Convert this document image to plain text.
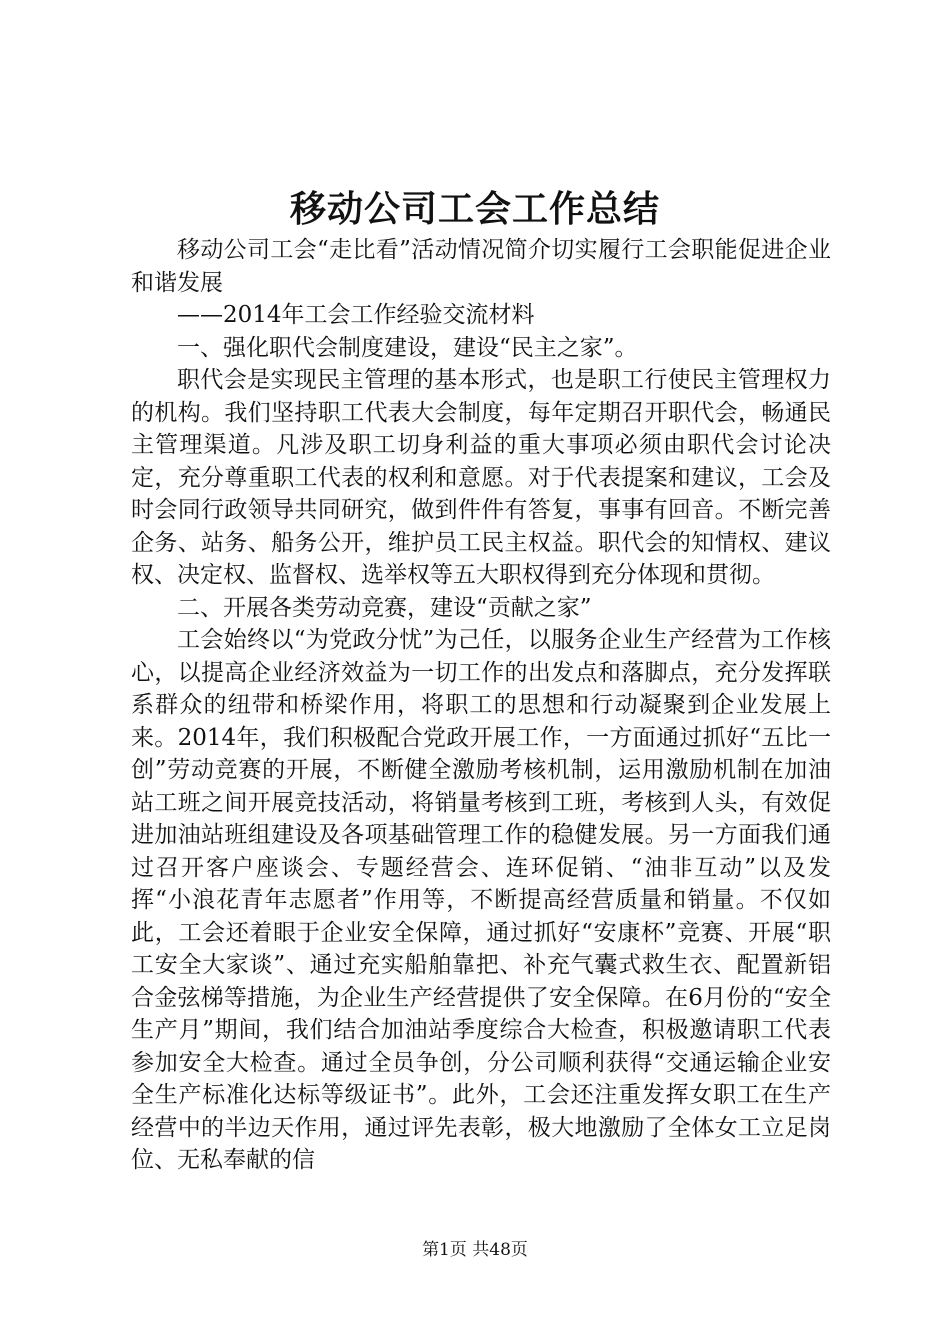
移动公司工会工作总结

移动公司工会“走比看”活动情况简介切实履行工会职能促进企业和谐发展

——2014年工会工作经验交流材料

一、强化职代会制度建设，建设“民主之家”。

职代会是实现民主管理的基本形式，也是职工行使民主管理权力的机构。我们坚持职工代表大会制度，每年定期召开职代会，畅通民主管理渠道。凡涉及职工切身利益的重大事项必须由职代会讨论决定，充分尊重职工代表的权利和意愿。对于代表提案和建议，工会及时会同行政领导共同研究，做到件件有答复，事事有回音。不断完善企务、站务、船务公开，维护员工民主权益。职代会的知情权、建议权、决定权、监督权、选举权等五大职权得到充分体现和贯彻。

二、开展各类劳动竞赛，建设“贡献之家”

工会始终以“为党政分忧”为己任，以服务企业生产经营为工作核心，以提高企业经济效益为一切工作的出发点和落脚点，充分发挥联系群众的纽带和桥梁作用，将职工的思想和行动凝聚到企业发展上来。2014年，我们积极配合党政开展工作，一方面通过抓好“五比一创”劳动竞赛的开展，不断健全激励考核机制，运用激励机制在加油站工班之间开展竞技活动，将销量考核到工班，考核到人头，有效促进加油站班组建设及各项基础管理工作的稳健发展。另一方面我们通过召开客户座谈会、专题经营会、连环促销、“油非互动”以及发挥“小浪花青年志愿者”作用等，不断提高经营质量和销量。不仅如此，工会还着眼于企业安全保障，通过抓好“安康杯”竞赛、开展“职工安全大家谈”、通过充实船舶靠把、补充气囊式救生衣、配置新铝合金弦梯等措施，为企业生产经营提供了安全保障。在6月份的“安全生产月”期间，我们结合加油站季度综合大检查，积极邀请职工代表参加安全大检查。通过全员争创，分公司顺利获得“交通运输企业安全生产标准化达标等级证书”。此外，工会还注重发挥女职工在生产经营中的半边天作用，通过评先表彰，极大地激励了全体女工立足岗位、无私奉献的信

第1页 共48页
